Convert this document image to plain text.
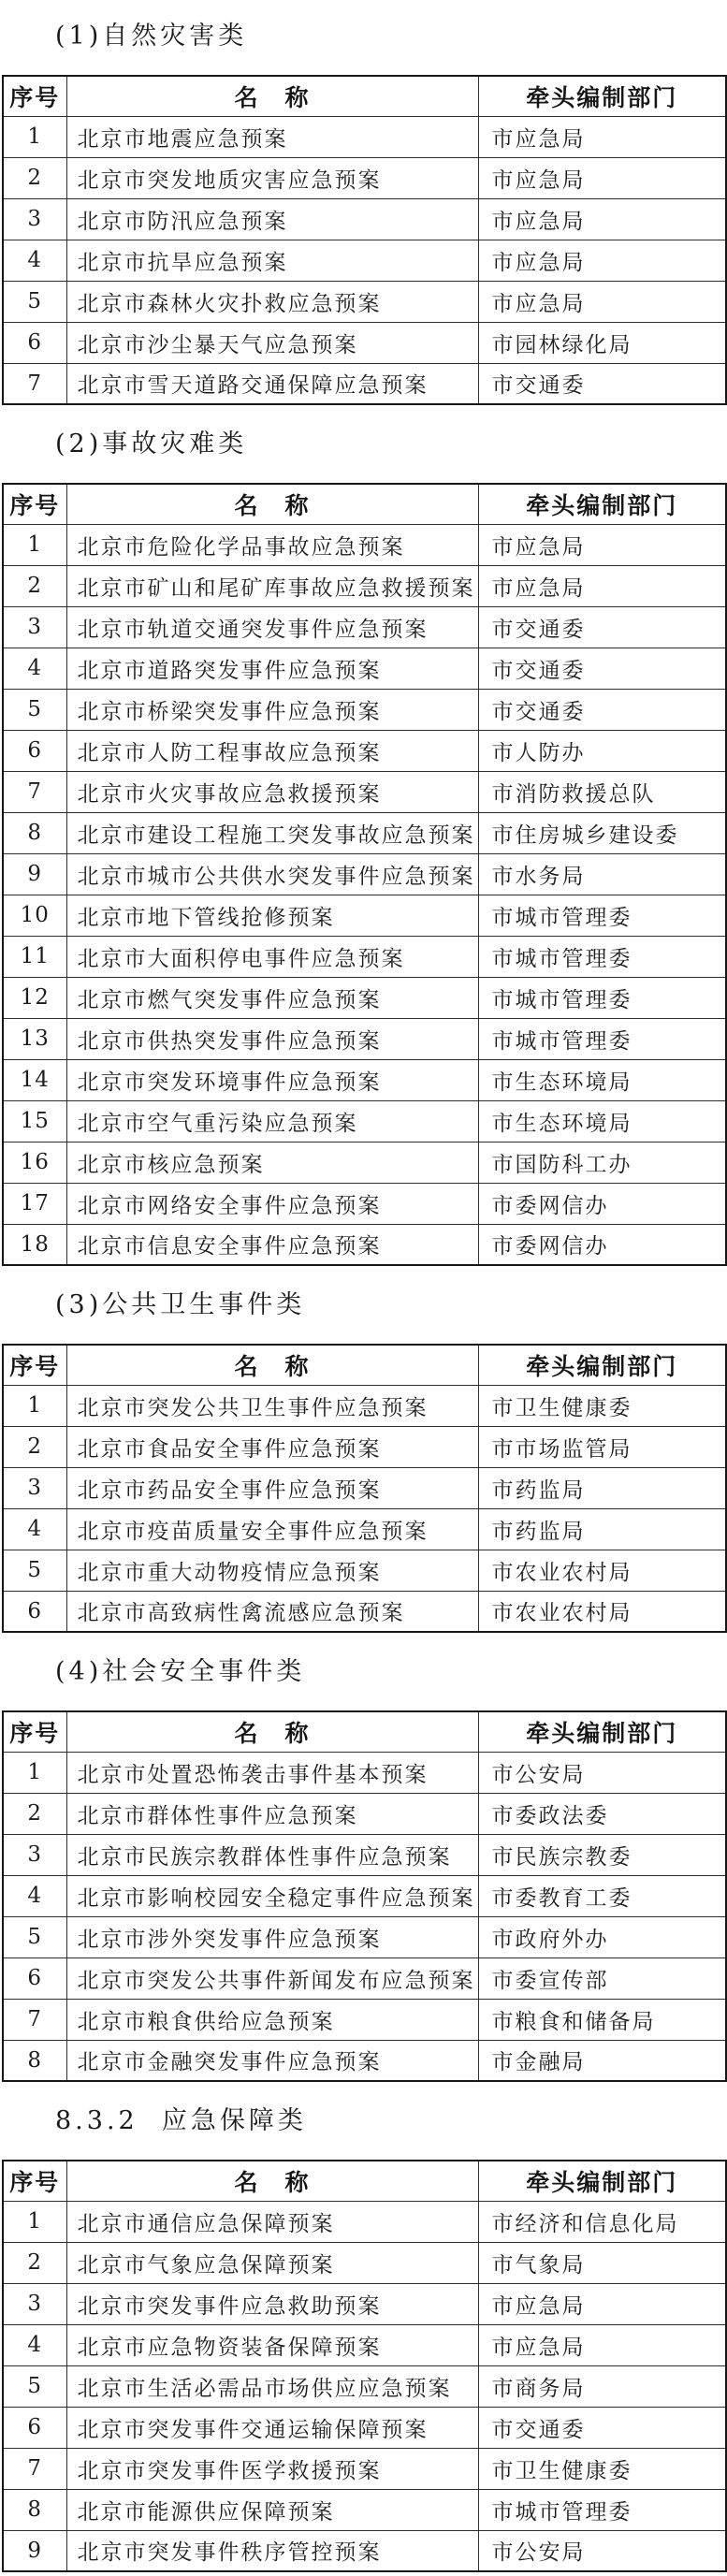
(1)自然灾害类
序号	名　称	牵头编制部门
1	北京市地震应急预案	市应急局
2	北京市突发地质灾害应急预案	市应急局
3	北京市防汛应急预案	市应急局
4	北京市抗旱应急预案	市应急局
5	北京市森林火灾扑救应急预案	市应急局
6	北京市沙尘暴天气应急预案	市园林绿化局
7	北京市雪天道路交通保障应急预案	市交通委
(2)事故灾难类
序号	名　称	牵头编制部门
1	北京市危险化学品事故应急预案	市应急局
2	北京市矿山和尾矿库事故应急救援预案	市应急局
3	北京市轨道交通突发事件应急预案	市交通委
4	北京市道路突发事件应急预案	市交通委
5	北京市桥梁突发事件应急预案	市交通委
6	北京市人防工程事故应急预案	市人防办
7	北京市火灾事故应急救援预案	市消防救援总队
8	北京市建设工程施工突发事故应急预案	市住房城乡建设委
9	北京市城市公共供水突发事件应急预案	市水务局
10	北京市地下管线抢修预案	市城市管理委
11	北京市大面积停电事件应急预案	市城市管理委
12	北京市燃气突发事件应急预案	市城市管理委
13	北京市供热突发事件应急预案	市城市管理委
14	北京市突发环境事件应急预案	市生态环境局
15	北京市空气重污染应急预案	市生态环境局
16	北京市核应急预案	市国防科工办
17	北京市网络安全事件应急预案	市委网信办
18	北京市信息安全事件应急预案	市委网信办
(3)公共卫生事件类
序号	名　称	牵头编制部门
1	北京市突发公共卫生事件应急预案	市卫生健康委
2	北京市食品安全事件应急预案	市市场监管局
3	北京市药品安全事件应急预案	市药监局
4	北京市疫苗质量安全事件应急预案	市药监局
5	北京市重大动物疫情应急预案	市农业农村局
6	北京市高致病性禽流感应急预案	市农业农村局
(4)社会安全事件类
序号	名　称	牵头编制部门
1	北京市处置恐怖袭击事件基本预案	市公安局
2	北京市群体性事件应急预案	市委政法委
3	北京市民族宗教群体性事件应急预案	市民族宗教委
4	北京市影响校园安全稳定事件应急预案	市委教育工委
5	北京市涉外突发事件应急预案	市政府外办
6	北京市突发公共事件新闻发布应急预案	市委宣传部
7	北京市粮食供给应急预案	市粮食和储备局
8	北京市金融突发事件应急预案	市金融局
8.3.2  应急保障类
序号	名　称	牵头编制部门
1	北京市通信应急保障预案	市经济和信息化局
2	北京市气象应急保障预案	市气象局
3	北京市突发事件应急救助预案	市应急局
4	北京市应急物资装备保障预案	市应急局
5	北京市生活必需品市场供应应急预案	市商务局
6	北京市突发事件交通运输保障预案	市交通委
7	北京市突发事件医学救援预案	市卫生健康委
8	北京市能源供应保障预案	市城市管理委
9	北京市突发事件秩序管控预案	市公安局
